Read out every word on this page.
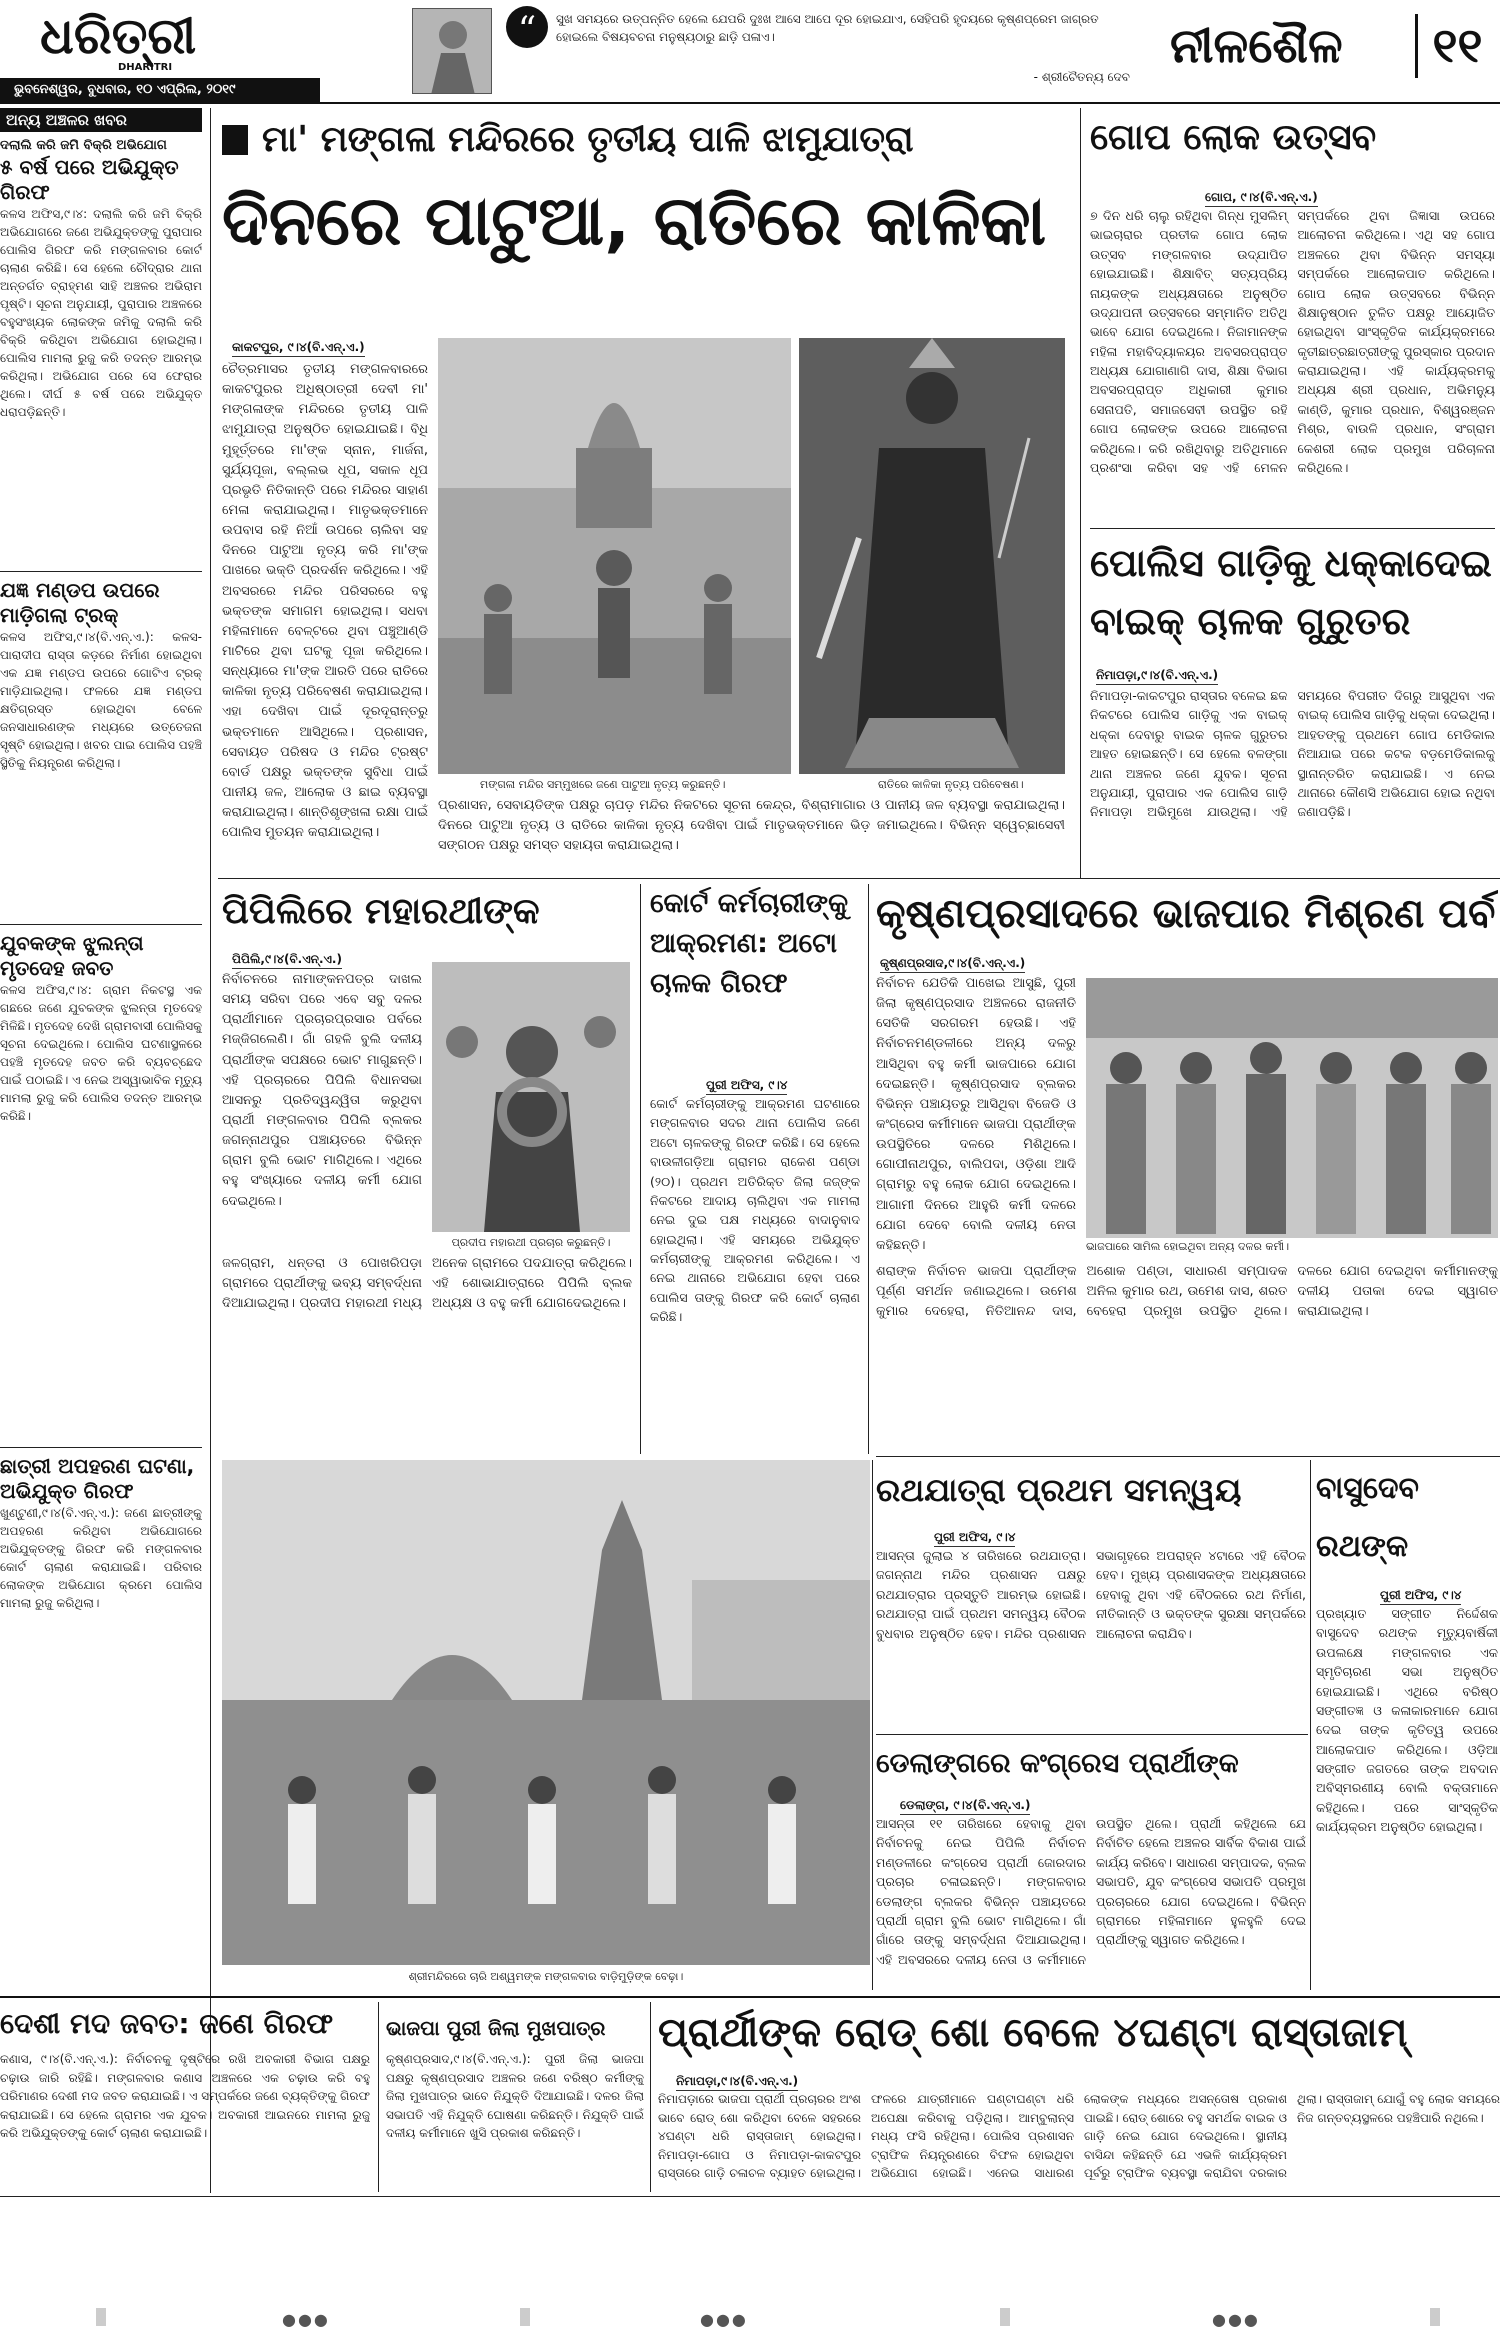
ଧରିତ୍ରୀ
DHARITRI
ଭୁବନେଶ୍ୱର, ବୁଧବାର, ୧୦ ଏପ୍ରିଲ, ୨୦୧୯
“	ସୁଖ ସମୟରେ ଉତ୍ପନ୍ନିତ ହେଲେ ଯେପରି ଦୁଃଖ ଆସେ ଆପେ ଦୂର ହୋଇଯାଏ, ସେହିପରି ହୃଦୟରେ କୃଷ୍ଣପ୍ରେମ ଜାଗ୍ରତ ହୋଇଲେ ବିଷୟବଚନା ମନୁଷ୍ୟଠାରୁ ଛାଡ଼ି ପଳାଏ।
- ଶ୍ରୀଚୈତନ୍ୟ ଦେବ
ନୀଳଶୈଳ	୧୧
ଅନ୍ୟ ଅଞ୍ଚଳର ଖବର
ଦଲାଲି କରି ଜମି ବିକ୍ରି ଅଭିଯୋଗ
୫ ବର୍ଷ ପରେ ଅଭିଯୁକ୍ତ ଗିରଫ
କଳସ ଅଫିସ,୯।୪: ଦଲାଲି କରି ଜମି ବିକ୍ରି ଅଭିଯୋଗରେ ଜଣେ ଅଭିଯୁକ୍ତଙ୍କୁ ପୁରାପାର ପୋଲିସ ଗିରଫ କରି ମଙ୍ଗଳବାର କୋର୍ଟ ଚାଲାଣ କରିଛି। ସେ ହେଲେ ଚୌଦ୍ରାର ଥାନା ଅନ୍ତର୍ଗତ ବ୍ରାହ୍ମଣ ସାହି ଅଞ୍ଚଳର ଅଭିରାମ ପୃଷ୍ଟି। ସୂଚନା ଅନୁଯାୟୀ, ପୁରାପାର ଅଞ୍ଚଳରେ ବହୁସଂଖ୍ୟକ ଲୋକଙ୍କ ଜମିକୁ ଦଲାଲି କରି ବିକ୍ରି କରିଥିବା ଅଭିଯୋଗ ହୋଇଥିଲା। ପୋଲିସ ମାମଲା ରୁଜୁ କରି ତଦନ୍ତ ଆରମ୍ଭ କରିଥିଲା। ଅଭିଯୋଗ ପରେ ସେ ଫେରାର ଥିଲେ। ଦୀର୍ଘ ୫ ବର୍ଷ ପରେ ଅଭିଯୁକ୍ତ ଧରାପଡ଼ିଛନ୍ତି।
ଯଜ୍ଞ ମଣ୍ଡପ ଉପରେ ମାଡ଼ିଗଲା ଟ୍ରକ୍
କଳସ ଅଫିସ,୯।୪(ବି.ଏନ୍.ଏ.): କଳସ-ପାରାଦୀପ ରାସ୍ତା କଡ଼ରେ ନିର୍ମାଣ ହୋଇଥିବା ଏକ ଯଜ୍ଞ ମଣ୍ଡପ ଉପରେ ଗୋଟିଏ ଟ୍ରକ୍ ମାଡ଼ିଯାଇଥିଲା। ଫଳରେ ଯଜ୍ଞ ମଣ୍ଡପ କ୍ଷତିଗ୍ରସ୍ତ ହୋଇଥିବା ବେଳେ ଜନସାଧାରଣଙ୍କ ମଧ୍ୟରେ ଉତ୍ତେଜନା ସୃଷ୍ଟି ହୋଇଥିଲା। ଖବର ପାଇ ପୋଲିସ ପହଞ୍ଚି ସ୍ଥିତିକୁ ନିୟନ୍ତ୍ରଣ କରିଥିଲା।
ଯୁବକଙ୍କ ଝୁଲନ୍ତା ମୃତଦେହ ଜବତ
କଳସ ଅଫିସ,୯।୪: ଗ୍ରାମ ନିକଟସ୍ଥ ଏକ ଗଛରେ ଜଣେ ଯୁବକଙ୍କ ଝୁଲନ୍ତା ମୃତଦେହ ମିଳିଛି। ମୃତଦେହ ଦେଖି ଗ୍ରାମବାସୀ ପୋଲିସକୁ ସୂଚନା ଦେଇଥିଲେ। ପୋଲିସ ଘଟଣାସ୍ଥଳରେ ପହଞ୍ଚି ମୃତଦେହ ଜବତ କରି ବ୍ୟବଚ୍ଛେଦ ପାଇଁ ପଠାଇଛି। ଏ ନେଇ ଅସ୍ୱାଭାବିକ ମୃତ୍ୟୁ ମାମଲା ରୁଜୁ କରି ପୋଲିସ ତଦନ୍ତ ଆରମ୍ଭ କରିଛି।
ଛାତ୍ରୀ ଅପହରଣ ଘଟଣା, ଅଭିଯୁକ୍ତ ଗିରଫ
ଖୁଣ୍ଟୁଣୀ,୯।୪(ବି.ଏନ୍.ଏ.): ଜଣେ ଛାତ୍ରୀଙ୍କୁ ଅପହରଣ କରିଥିବା ଅଭିଯୋଗରେ ଅଭିଯୁକ୍ତଙ୍କୁ ଗିରଫ କରି ମଙ୍ଗଳବାର କୋର୍ଟ ଚାଲାଣ କରାଯାଇଛି। ପରିବାର ଲୋକଙ୍କ ଅଭିଯୋଗ କ୍ରମେ ପୋଲିସ ମାମଲା ରୁଜୁ କରିଥିଲା।
ମା' ମଙ୍ଗଳା ମନ୍ଦିରରେ ତୃତୀୟ ପାଳି ଝାମୁଯାତ୍ରା
ଦିନରେ ପାଟୁଆ, ରାତିରେ କାଳିକା
କାକଟପୁର, ୯।୪(ବି.ଏନ୍.ଏ.)
ଚୈତ୍ରମାସର ତୃତୀୟ ମଙ୍ଗଳବାରରେ କାକଟପୁରର ଅଧିଷ୍ଠାତ୍ରୀ ଦେବୀ ମା' ମଙ୍ଗଳାଙ୍କ ମନ୍ଦିରରେ ତୃତୀୟ ପାଳି ଝାମୁଯାତ୍ରା ଅନୁଷ୍ଠିତ ହୋଇଯାଇଛି। ବିଧି ମୁହୂର୍ତ୍ତରେ ମା'ଙ୍କ ସ୍ନାନ, ମାର୍ଜନା, ସୁର୍ଯ୍ୟପୂଜା, ବଲ୍ଲଭ ଧୂପ, ସକାଳ ଧୂପ ପ୍ରଭୃତି ନିତିକାନ୍ତି ପରେ ମନ୍ଦିରର ସାହାଣ ମେଳା କରାଯାଇଥିଲା। ମାତୃଭକ୍ତମାନେ ଉପବାସ ରହି ନିଆଁ ଉପରେ ଚାଲିବା ସହ ଦିନରେ ପାଟୁଆ ନୃତ୍ୟ କରି ମା'ଙ୍କ ପାଖରେ ଭକ୍ତି ପ୍ରଦର୍ଶନ କରିଥିଲେ। ଏହି ଅବସରରେ ମନ୍ଦିର ପରିସରରେ ବହୁ ଭକ୍ତଙ୍କ ସମାଗମ ହୋଇଥିଲା। ସଧବା ମହିଳାମାନେ ବେଳ୍ଟରେ ଥିବା ପଞ୍ଚୁଆଣ୍ଡି ମାଟିରେ ଥିବା ଘଟକୁ ପୂଜା କରିଥିଲେ। ସନ୍ଧ୍ୟାରେ ମା'ଙ୍କ ଆରତି ପରେ ରାତିରେ କାଳିକା ନୃତ୍ୟ ପରିବେଷଣ କରାଯାଇଥିଲା। ଏହା ଦେଖିବା ପାଇଁ ଦୂରଦୂରାନ୍ତରୁ ଭକ୍ତମାନେ ଆସିଥିଲେ। ପ୍ରଶାସନ, ସେବାୟତ ପରିଷଦ ଓ ମନ୍ଦିର ଟ୍ରଷ୍ଟ ବୋର୍ଡ ପକ୍ଷରୁ ଭକ୍ତଙ୍କ ସୁବିଧା ପାଇଁ ପାନୀୟ ଜଳ, ଆଲୋକ ଓ ଛାଇ ବ୍ୟବସ୍ଥା କରାଯାଇଥିଲା। ଶାନ୍ତିଶୃଙ୍ଖଳା ରକ୍ଷା ପାଇଁ ପୋଲିସ ମୁତୟନ କରାଯାଇଥିଲା।
ମଙ୍ଗଳା ମନ୍ଦିର ସମ୍ମୁଖରେ ଜଣେ ପାଟୁଆ ନୃତ୍ୟ କରୁଛନ୍ତି।	ରାତିରେ କାଳିକା ନୃତ୍ୟ ପରିବେଷଣ।
ପ୍ରଶାସନ, ସେବାୟତିଙ୍କ ପକ୍ଷରୁ ଚାପଡ଼ ମନ୍ଦିର ନିକଟରେ ସୂଚନା କେନ୍ଦ୍ର, ବିଶ୍ରାମାଗାର ଓ ପାନୀୟ ଜଳ ବ୍ୟବସ୍ଥା କରାଯାଇଥିଲା। ଦିନରେ ପାଟୁଆ ନୃତ୍ୟ ଓ ରାତିରେ କାଳିକା ନୃତ୍ୟ ଦେଖିବା ପାଇଁ ମାତୃଭକ୍ତମାନେ ଭିଡ଼ ଜମାଇଥିଲେ। ବିଭିନ୍ନ ସ୍ୱେଚ୍ଛାସେବୀ ସଙ୍ଗଠନ ପକ୍ଷରୁ ସମସ୍ତ ସହାୟତା କରାଯାଇଥିଲା।
ଗୋପ ଲୋକ ଉତ୍ସବ
ଗୋପ, ୯।୪(ବି.ଏନ୍.ଏ.)
୭ ଦିନ ଧରି ଚାଲୁ ରହିଥିବା ଗିନ୍ଧ ମୁସଲିମ୍ ଭାଇଚାରାର ପ୍ରତୀକ ଗୋପ ଲୋକ ଉତ୍ସବ ମଙ୍ଗଳବାର ଉଦ୍‌ଯାପିତ ହୋଇଯାଇଛି। ଶିକ୍ଷାବିତ୍ ସତ୍ୟପ୍ରିୟ ନାୟକଙ୍କ ଅଧ୍ୟକ୍ଷତାରେ ଅନୁଷ୍ଠିତ ଉଦ୍‌ଯାପନୀ ଉତ୍ସବରେ ସମ୍ମାନିତ ଅତିଥି ଭାବେ ଯୋଗ ଦେଇଥିଲେ। ନିଜାମାନଙ୍କ ମହିଳା ମହାବିଦ୍ୟାଳୟର ଅବସରପ୍ରାପ୍ତ ଅଧ୍ୟକ୍ଷ ଯୋଗାଣାଗି ଦାସ, ଶିକ୍ଷା ବିଭାଗ ଅବସରପ୍ରାପ୍ତ ଅଧିକାରୀ କୁମାର ସେନାପତି, ସମାଜସେବୀ ଉପସ୍ଥିତ ରହି ଗୋପ ଲୋକଙ୍କ ଉପରେ ଆଲୋଚନା କରିଥିଲେ। କରି ରଖିଥିବାରୁ ଅତିଥିମାନେ ପ୍ରଶଂସା କରିବା ସହ ଏହି ମେଳନ ସମ୍ପର୍କରେ ଥିବା ଜିଜ୍ଞାସା ଉପରେ ଆଲୋଚନା କରିଥିଲେ। ଏଥି ସହ ଗୋପ ଅଞ୍ଚଳରେ ଥିବା ବିଭିନ୍ନ ସମସ୍ୟା ସମ୍ପର୍କରେ ଆଲୋକପାତ କରିଥିଲେ। ଗୋପ ଲୋକ ଉତ୍ସବରେ ବିଭିନ୍ନ ଶିକ୍ଷାନୁଷ୍ଠାନ ତୁଳିତ ପକ୍ଷରୁ ଆୟୋଜିତ ହୋଇଥିବା ସାଂସ୍କୃତିକ କାର୍ଯ୍ୟକ୍ରମରେ କୃତୀଛାତ୍ରଛାତ୍ରୀଙ୍କୁ ପୁରସ୍କାର ପ୍ରଦାନ କରାଯାଇଥିଲା। ଏହି କାର୍ଯ୍ୟକ୍ରମକୁ ଅଧ୍ୟକ୍ଷ ଶ୍ରୀ ପ୍ରଧାନ, ଅଭିମନ୍ୟୁ କାଣ୍ଡି, କୁମାର ପ୍ରଧାନ, ବିଶ୍ୱରଞ୍ଜନ ମିଶ୍ର, ବାଉଳି ପ୍ରଧାନ, ସଂଗ୍ରାମ କେଶରୀ ଲୋକ ପ୍ରମୁଖ ପରିଚାଳନା କରିଥିଲେ।
ପୋଲିସ ଗାଡ଼ିକୁ ଧକ୍କାଦେଇ ବାଇକ୍ ଚାଳକ ଗୁରୁତର
ନିମାପଡ଼ା,୯।୪(ବି.ଏନ୍.ଏ.)
ନିମାପଡ଼ା-କାକଟପୁର ରାସ୍ତାର ବଳେଇ ଛକ ନିକଟରେ ପୋଲିସ ଗାଡ଼ିକୁ ଏକ ବାଇକ୍ ଧକ୍କା ଦେବାରୁ ବାଇକ ଚାଳକ ଗୁରୁତର ଆହତ ହୋଇଛନ୍ତି। ସେ ହେଲେ ବଳଙ୍ଗା ଥାନା ଅଞ୍ଚଳର ଜଣେ ଯୁବକ। ସୂଚନା ଅନୁଯାୟୀ, ପୁରାପାର ଏକ ପୋଲିସ ଗାଡ଼ି ନିମାପଡ଼ା ଅଭିମୁଖେ ଯାଉଥିଲା। ଏହି ସମୟରେ ବିପରୀତ ଦିଗରୁ ଆସୁଥିବା ଏକ ବାଇକ୍ ପୋଲିସ ଗାଡ଼ିକୁ ଧକ୍କା ଦେଇଥିଲା। ଆହତଙ୍କୁ ପ୍ରଥମେ ଗୋପ ମେଡିକାଲ ନିଆଯାଇ ପରେ କଟକ ବଡ଼ମେଡିକାଲକୁ ସ୍ଥାନାନ୍ତରିତ କରାଯାଇଛି। ଏ ନେଇ ଥାନାରେ କୌଣସି ଅଭିଯୋଗ ହୋଇ ନଥିବା ଜଣାପଡ଼ିଛି।
ପିପିଲିରେ ମହାରଥୀଙ୍କ
ପିପିଲି,୯।୪(ବି.ଏନ୍.ଏ.)
ନିର୍ବାଚନରେ ନାମାଙ୍କନପତ୍ର ଦାଖଲ ସମୟ ସରିବା ପରେ ଏବେ ସବୁ ଦଳର ପ୍ରାର୍ଥୀମାନେ ପ୍ରଚାରପ୍ରସାର ପର୍ବରେ ମଜ୍ଜିଗଲେଣି। ଗାଁ ଗହଳି ବୁଲି ଦଳୀୟ ପ୍ରାର୍ଥୀଙ୍କ ସପକ୍ଷରେ ଭୋଟ ମାଗୁଛନ୍ତି। ଏହି ପ୍ରଚାରରେ ପିପିଲି ବିଧାନସଭା ଆସନରୁ ପ୍ରତିଦ୍ୱନ୍ଦ୍ୱିତା କରୁଥିବା ପ୍ରାର୍ଥୀ ମଙ୍ଗଳବାର ପିପିଲି ବ୍ଲକର ଜଗନ୍ନାଥପୁର ପଞ୍ଚାୟତରେ ବିଭିନ୍ନ ଗ୍ରାମ ବୁଲି ଭୋଟ ମାଗିଥିଲେ। ଏଥିରେ ବହୁ ସଂଖ୍ୟାରେ ଦଳୀୟ କର୍ମୀ ଯୋଗ ଦେଇଥିଲେ।
ପ୍ରଦୀପ ମହାରଥୀ ପ୍ରଚାର କରୁଛନ୍ତି।
ଜଳଗ୍ରାମ, ଧନ୍ତରା ଓ ପୋଖରିପଡ଼ା ଗ୍ରାମରେ ପ୍ରାର୍ଥୀଙ୍କୁ ଭବ୍ୟ ସମ୍ବର୍ଦ୍ଧନା ଦିଆଯାଇଥିଲା। ପ୍ରଦୀପ ମହାରଥୀ ମଧ୍ୟ ଅନେକ ଗ୍ରାମରେ ପଦଯାତ୍ରା କରିଥିଲେ। ଏହି ଶୋଭାଯାତ୍ରାରେ ପିପିଲି ବ୍ଲକ ଅଧ୍ୟକ୍ଷ ଓ ବହୁ କର୍ମୀ ଯୋଗଦେଇଥିଲେ।
କୋର୍ଟ କର୍ମଚାରୀଙ୍କୁ ଆକ୍ରମଣ: ଅଟୋ ଚାଳକ ଗିରଫ
ପୁରୀ ଅଫିସ, ୯।୪
କୋର୍ଟ କର୍ମଚାରୀଙ୍କୁ ଆକ୍ରମଣ ଘଟଣାରେ ମଙ୍ଗଳବାର ସଦର ଥାନା ପୋଲିସ ଜଣେ ଅଟୋ ଚାଳକଙ୍କୁ ଗିରଫ କରିଛି। ସେ ହେଲେ ବାଉଳୀଗଡ଼ିଆ ଗ୍ରାମର ରାକେଶ ପଣ୍ଡା (୨୦)। ପ୍ରଥମ ଅତିରିକ୍ତ ଜିଲା ଜଜ୍‌ଙ୍କ ନିକଟରେ ଆଦାୟ ଚାଲିଥିବା ଏକ ମାମଲା ନେଇ ଦୁଇ ପକ୍ଷ ମଧ୍ୟରେ ବାଦାନୁବାଦ ହୋଇଥିଲା। ଏହି ସମୟରେ ଅଭିଯୁକ୍ତ କର୍ମଚାରୀଙ୍କୁ ଆକ୍ରମଣ କରିଥିଲେ। ଏ ନେଇ ଥାନାରେ ଅଭିଯୋଗ ହେବା ପରେ ପୋଲିସ ତାଙ୍କୁ ଗିରଫ କରି କୋର୍ଟ ଚାଲାଣ କରିଛି।
କୃଷ୍ଣପ୍ରସାଦରେ ଭାଜପାର ମିଶ୍ରଣ ପର୍ବ
କୃଷ୍ଣପ୍ରସାଦ,୯।୪(ବି.ଏନ୍.ଏ.)
ନିର୍ବାଚନ ଯେତିକି ପାଖେଇ ଆସୁଛି, ପୁରୀ ଜିଲା କୃଷ୍ଣପ୍ରସାଦ ଅଞ୍ଚଳରେ ରାଜନୀତି ସେତିକି ସରଗରମ ହେଉଛି। ଏହି ନିର୍ବାଚନମଣ୍ଡଳୀରେ ଅନ୍ୟ ଦଳରୁ ଆସିଥିବା ବହୁ କର୍ମୀ ଭାଜପାରେ ଯୋଗ ଦେଇଛନ୍ତି। କୃଷ୍ଣପ୍ରସାଦ ବ୍ଲକର ବିଭିନ୍ନ ପଞ୍ଚାୟତରୁ ଆସିଥିବା ବିଜେଡି ଓ କଂଗ୍ରେସ କର୍ମୀମାନେ ଭାଜପା ପ୍ରାର୍ଥୀଙ୍କ ଉପସ୍ଥିତିରେ ଦଳରେ ମିଶିଥିଲେ। ଗୋପୀନାଥପୁର, ବାଲିପଦା, ଓଡ଼ିଶା ଆଦି ଗ୍ରାମରୁ ବହୁ ଲୋକ ଯୋଗ ଦେଇଥିଲେ। ଆଗାମୀ ଦିନରେ ଆହୁରି କର୍ମୀ ଦଳରେ ଯୋଗ ଦେବେ ବୋଲି ଦଳୀୟ ନେତା କହିଛନ୍ତି।	ଭାଜପାରେ ସାମିଲ ହୋଇଥିବା ଅନ୍ୟ ଦଳର କର୍ମୀ।
ଶରାଙ୍କ ନିର୍ବାଚନ ଭାଜପା ପ୍ରାର୍ଥୀଙ୍କ ପୂର୍ଣ୍ଣ ସମର୍ଥନ ଜଣାଇଥିଲେ। ଉମେଶ କୁମାର ଦେହେରା, ନିତିଆନନ୍ଦ ଦାସ, ଅଶୋକ ପଣ୍ଡା, ସାଧାରଣ ସମ୍ପାଦକ ଅନିଲ କୁମାର ରଥ, ଉମେଶ ଦାସ, ଶରତ ବେହେରା ପ୍ରମୁଖ ଉପସ୍ଥିତ ଥିଲେ। ଦଳରେ ଯୋଗ ଦେଇଥିବା କର୍ମୀମାନଙ୍କୁ ଦଳୀୟ ପତାକା ଦେଇ ସ୍ୱାଗତ କରାଯାଇଥିଲା।
ଶ୍ରୀମନ୍ଦିରରେ ଚାରି ଅଶ୍ୱମଙ୍କ ମଙ୍ଗଳବାର ବାଡ଼ିମୁଡ଼ିଙ୍କ ବେଢ଼ା।
ରଥଯାତ୍ରା ପ୍ରଥମ ସମନ୍ୱୟ
ପୁରୀ ଅଫିସ, ୯।୪
ଆସନ୍ତା ଜୁଲାଇ ୪ ତାରିଖରେ ରଥଯାତ୍ରା। ଜଗନ୍ନାଥ ମନ୍ଦିର ପ୍ରଶାସନ ପକ୍ଷରୁ ରଥଯାତ୍ରାର ପ୍ରସ୍ତୁତି ଆରମ୍ଭ ହୋଇଛି। ରଥଯାତ୍ରା ପାଇଁ ପ୍ରଥମ ସମନ୍ୱୟ ବୈଠକ ବୁଧବାର ଅନୁଷ୍ଠିତ ହେବ। ମନ୍ଦିର ପ୍ରଶାସନ ସଭାଗୃହରେ ଅପରାହ୍ନ ୪ଟାରେ ଏହି ବୈଠକ ହେବ। ମୁଖ୍ୟ ପ୍ରଶାସକଙ୍କ ଅଧ୍ୟକ୍ଷତାରେ ହେବାକୁ ଥିବା ଏହି ବୈଠକରେ ରଥ ନିର୍ମାଣ, ନୀତିକାନ୍ତି ଓ ଭକ୍ତଙ୍କ ସୁରକ୍ଷା ସମ୍ପର୍କରେ ଆଲୋଚନା କରାଯିବ।
ବାସୁଦେବ ରଥଙ୍କ
ପୁରୀ ଅଫିସ, ୯।୪
ପ୍ରଖ୍ୟାତ ସଙ୍ଗୀତ ନିର୍ଦ୍ଦେଶକ ବାସୁଦେବ ରଥଙ୍କ ମୃତ୍ୟୁବାର୍ଷିକୀ ଉପଲକ୍ଷେ ମଙ୍ଗଳବାର ଏକ ସ୍ମୃତିଚାରଣ ସଭା ଅନୁଷ୍ଠିତ ହୋଇଯାଇଛି। ଏଥିରେ ବରିଷ୍ଠ ସଙ୍ଗୀତଜ୍ଞ ଓ କଳାକାରମାନେ ଯୋଗ ଦେଇ ତାଙ୍କ କୃତିତ୍ୱ ଉପରେ ଆଲୋକପାତ କରିଥିଲେ। ଓଡ଼ିଆ ସଙ୍ଗୀତ ଜଗତରେ ତାଙ୍କ ଅବଦାନ ଅବିସ୍ମରଣୀୟ ବୋଲି ବକ୍ତାମାନେ କହିଥିଲେ। ପରେ ସାଂସ୍କୃତିକ କାର୍ଯ୍ୟକ୍ରମ ଅନୁଷ୍ଠିତ ହୋଇଥିଲା।
ଡେଲାଙ୍ଗରେ କଂଗ୍ରେସ ପ୍ରାର୍ଥୀଙ୍କ
ଡେଲାଙ୍ଗ, ୯।୪(ବି.ଏନ୍.ଏ.)
ଆସନ୍ତା ୧୧ ତାରିଖରେ ହେବାକୁ ଥିବା ନିର୍ବାଚନକୁ ନେଇ ପିପିଲି ନିର୍ବାଚନ ମଣ୍ଡଳୀରେ କଂଗ୍ରେସ ପ୍ରାର୍ଥୀ ଜୋରଦାର ପ୍ରଚାର ଚଳାଇଛନ୍ତି। ମଙ୍ଗଳବାର ଡେଲାଙ୍ଗ ବ୍ଲକର ବିଭିନ୍ନ ପଞ୍ଚାୟତରେ ପ୍ରାର୍ଥୀ ଗ୍ରାମ ବୁଲି ଭୋଟ ମାଗିଥିଲେ। ଗାଁ ଗାଁରେ ତାଙ୍କୁ ସମ୍ବର୍ଦ୍ଧନା ଦିଆଯାଇଥିଲା। ଏହି ଅବସରରେ ଦଳୀୟ ନେତା ଓ କର୍ମୀମାନେ ଉପସ୍ଥିତ ଥିଲେ। ପ୍ରାର୍ଥୀ କହିଥିଲେ ଯେ ନିର୍ବାଚିତ ହେଲେ ଅଞ୍ଚଳର ସାର୍ବିକ ବିକାଶ ପାଇଁ କାର୍ଯ୍ୟ କରିବେ। ସାଧାରଣ ସମ୍ପାଦକ, ବ୍ଲକ ସଭାପତି, ଯୁବ କଂଗ୍ରେସ ସଭାପତି ପ୍ରମୁଖ ପ୍ରଚାରରେ ଯୋଗ ଦେଇଥିଲେ। ବିଭିନ୍ନ ଗ୍ରାମରେ ମହିଳାମାନେ ହୁଳହୁଳି ଦେଇ ପ୍ରାର୍ଥୀଙ୍କୁ ସ୍ୱାଗତ କରିଥିଲେ।
ଦେଶୀ ମଦ ଜବତ: ଜଣେ ଗିରଫ
କଣାସ, ୯।୪(ବି.ଏନ୍.ଏ.): ନିର୍ବାଚନକୁ ଦୃଷ୍ଟିରେ ରଖି ଅବକାରୀ ବିଭାଗ ପକ୍ଷରୁ ଚଢ଼ାଉ ଜାରି ରହିଛି। ମଙ୍ଗଳବାର କଣାସ ଅଞ୍ଚଳରେ ଏକ ଚଢ଼ାଉ କରି ବହୁ ପରିମାଣର ଦେଶୀ ମଦ ଜବତ କରାଯାଇଛି। ଏ ସମ୍ପର୍କରେ ଜଣେ ବ୍ୟକ୍ତିଙ୍କୁ ଗିରଫ କରାଯାଇଛି। ସେ ହେଲେ ଗ୍ରାମର ଏକ ଯୁବକ। ଅବକାରୀ ଆଇନରେ ମାମଲା ରୁଜୁ କରି ଅଭିଯୁକ୍ତଙ୍କୁ କୋର୍ଟ ଚାଲାଣ କରାଯାଇଛି।
ଭାଜପା ପୁରୀ ଜିଲା ମୁଖପାତ୍ର
କୃଷ୍ଣପ୍ରସାଦ,୯।୪(ବି.ଏନ୍.ଏ.): ପୁରୀ ଜିଲା ଭାଜପା ପକ୍ଷରୁ କୃଷ୍ଣପ୍ରସାଦ ଅଞ୍ଚଳର ଜଣେ ବରିଷ୍ଠ କର୍ମୀଙ୍କୁ ଜିଲା ମୁଖପାତ୍ର ଭାବେ ନିଯୁକ୍ତି ଦିଆଯାଇଛି। ଦଳର ଜିଲା ସଭାପତି ଏହି ନିଯୁକ୍ତି ଘୋଷଣା କରିଛନ୍ତି। ନିଯୁକ୍ତି ପାଇଁ ଦଳୀୟ କର୍ମୀମାନେ ଖୁସି ପ୍ରକାଶ କରିଛନ୍ତି।
ପ୍ରାର୍ଥୀଙ୍କ ରୋଡ୍ ଶୋ ବେଳେ ୪ଘଣ୍ଟା ରାସ୍ତାଜାମ୍
ନିମାପଡ଼ା,୯।୪(ବି.ଏନ୍.ଏ.)
ନିମାପଡ଼ାରେ ଭାଜପା ପ୍ରାର୍ଥୀ ପ୍ରଚାରର ଅଂଶ ଭାବେ ରୋଡ୍ ଶୋ କରିଥିବା ବେଳେ ସହରରେ ୪ଘଣ୍ଟା ଧରି ରାସ୍ତାଜାମ୍ ହୋଇଥିଲା। ନିମାପଡ଼ା-ଗୋପ ଓ ନିମାପଡ଼ା-କାକଟପୁର ରାସ୍ତାରେ ଗାଡ଼ି ଚଳାଚଳ ବ୍ୟାହତ ହୋଇଥିଲା। ଫଳରେ ଯାତ୍ରୀମାନେ ଘଣ୍ଟାଘଣ୍ଟା ଧରି ଅପେକ୍ଷା କରିବାକୁ ପଡ଼ିଥିଲା। ଆମ୍ବୁଲାନ୍ସ ମଧ୍ୟ ଫସି ରହିଥିଲା। ପୋଲିସ ପ୍ରଶାସନ ଟ୍ରାଫିକ ନିୟନ୍ତ୍ରଣରେ ବିଫଳ ହୋଇଥିବା ଅଭିଯୋଗ ହୋଇଛି। ଏନେଇ ସାଧାରଣ ଲୋକଙ୍କ ମଧ୍ୟରେ ଅସନ୍ତୋଷ ପ୍ରକାଶ ପାଇଛି। ରୋଡ୍ ଶୋରେ ବହୁ ସମର୍ଥକ ବାଇକ ଓ ଗାଡ଼ି ନେଇ ଯୋଗ ଦେଇଥିଲେ। ସ୍ଥାନୀୟ ବାସିନ୍ଦା କହିଛନ୍ତି ଯେ ଏଭଳି କାର୍ଯ୍ୟକ୍ରମ ପୂର୍ବରୁ ଟ୍ରାଫିକ ବ୍ୟବସ୍ଥା କରାଯିବା ଦରକାର ଥିଲା। ରାସ୍ତାଜାମ୍ ଯୋଗୁଁ ବହୁ ଲୋକ ସମୟରେ ନିଜ ଗନ୍ତବ୍ୟସ୍ଥଳରେ ପହଞ୍ଚିପାରି ନଥିଲେ।
●●●	●●●	●●●
